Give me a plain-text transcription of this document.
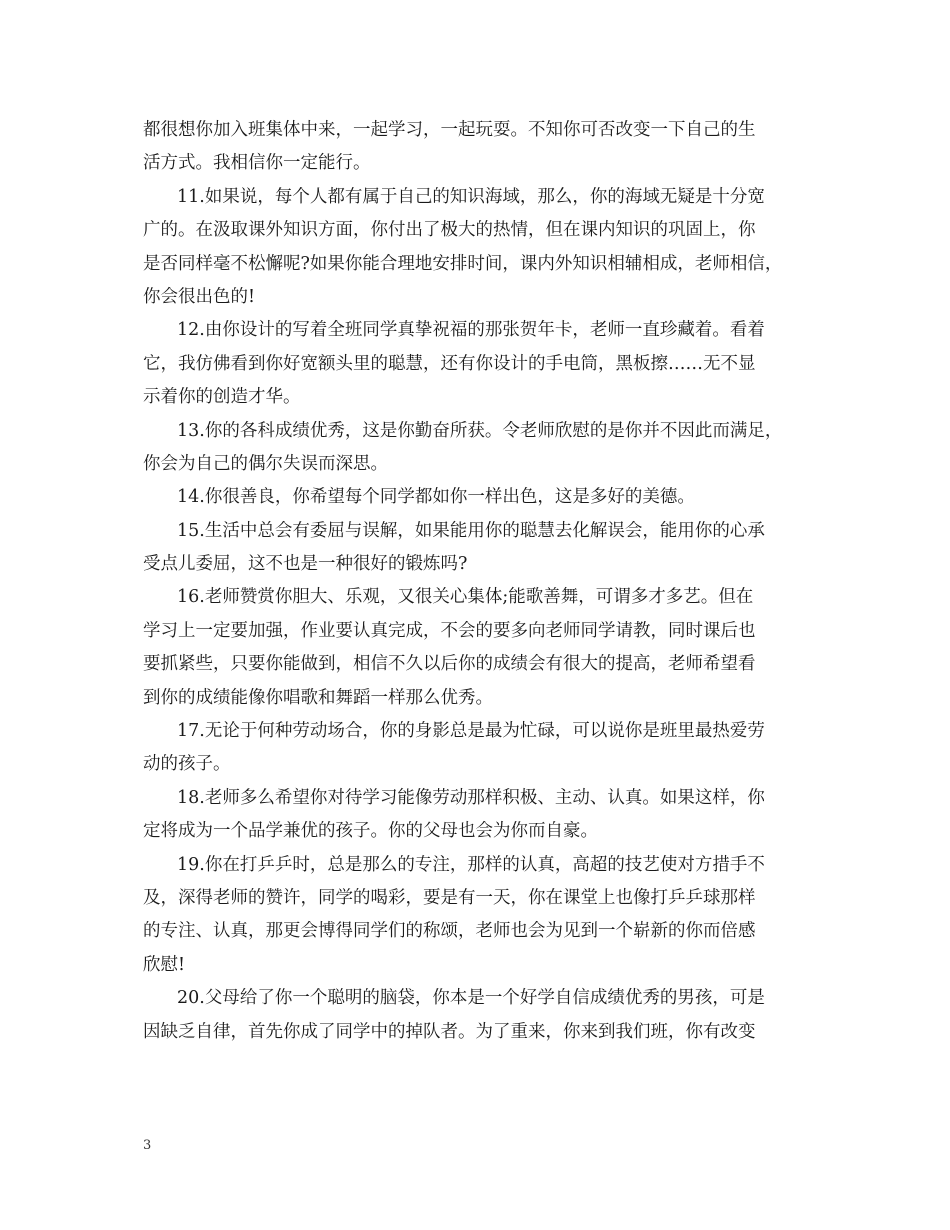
都很想你加入班集体中来，一起学习，一起玩耍。不知你可否改变一下自己的生
活方式。我相信你一定能行。
11.如果说，每个人都有属于自己的知识海域，那么，你的海域无疑是十分宽
广的。在汲取课外知识方面，你付出了极大的热情，但在课内知识的巩固上，你
是否同样毫不松懈呢?如果你能合理地安排时间，课内外知识相辅相成，老师相信，
你会很出色的!
12.由你设计的写着全班同学真挚祝福的那张贺年卡，老师一直珍藏着。看着
它，我仿佛看到你好宽额头里的聪慧，还有你设计的手电筒，黑板擦……无不显
示着你的创造才华。
13.你的各科成绩优秀，这是你勤奋所获。令老师欣慰的是你并不因此而满足，
你会为自己的偶尔失误而深思。
14.你很善良，你希望每个同学都如你一样出色，这是多好的美德。
15.生活中总会有委屈与误解，如果能用你的聪慧去化解误会，能用你的心承
受点儿委屈，这不也是一种很好的锻炼吗?
16.老师赞赏你胆大、乐观，又很关心集体;能歌善舞，可谓多才多艺。但在
学习上一定要加强，作业要认真完成，不会的要多向老师同学请教，同时课后也
要抓紧些，只要你能做到，相信不久以后你的成绩会有很大的提高，老师希望看
到你的成绩能像你唱歌和舞蹈一样那么优秀。
17.无论于何种劳动场合，你的身影总是最为忙碌，可以说你是班里最热爱劳
动的孩子。
18.老师多么希望你对待学习能像劳动那样积极、主动、认真。如果这样，你
定将成为一个品学兼优的孩子。你的父母也会为你而自豪。
19.你在打乒乒时，总是那么的专注，那样的认真，高超的技艺使对方措手不
及，深得老师的赞许，同学的喝彩，要是有一天，你在课堂上也像打乒乒球那样
的专注、认真，那更会博得同学们的称颂，老师也会为见到一个崭新的你而倍感
欣慰!
20.父母给了你一个聪明的脑袋，你本是一个好学自信成绩优秀的男孩，可是
因缺乏自律，首先你成了同学中的掉队者。为了重来，你来到我们班，你有改变
3
